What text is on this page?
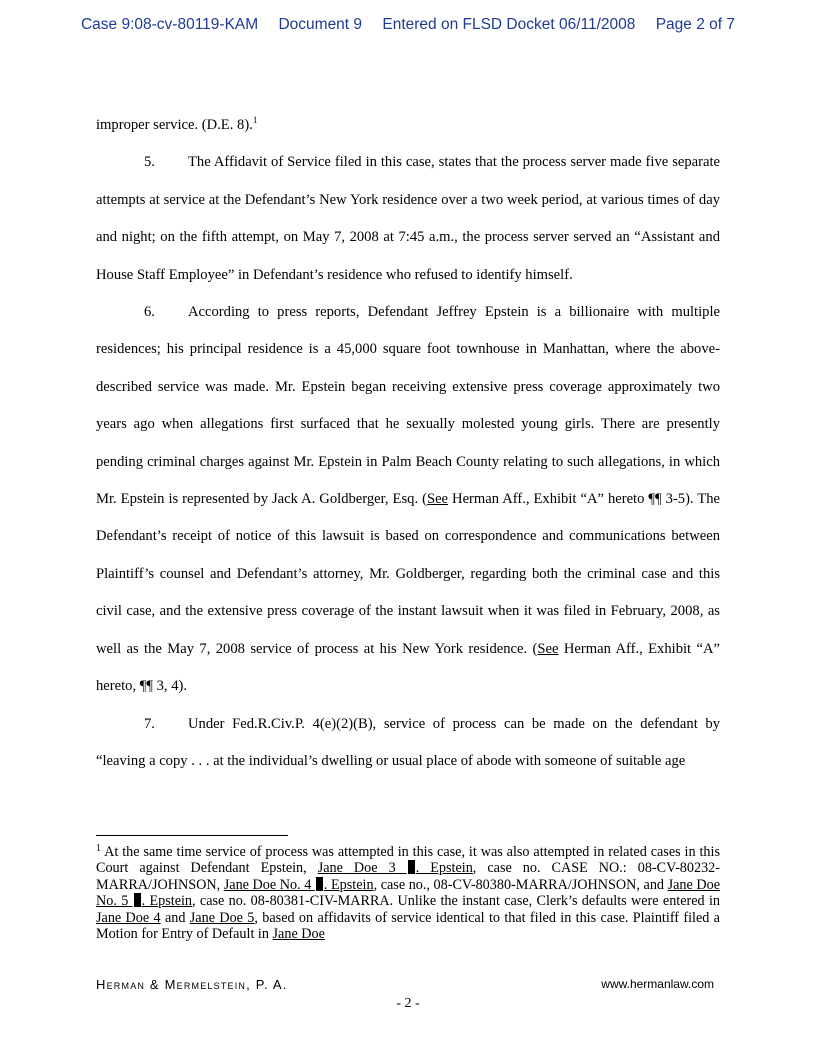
Case 9:08-cv-80119-KAM Document 9 Entered on FLSD Docket 06/11/2008 Page 2 of 7

improper service. (D.E. 8).$^1$

5. The Affidavit of Service filed in this case, states that the process server made five separate attempts at service at the Defendant’s New York residence over a two week period, at various times of day and night; on the fifth attempt, on May 7, 2008 at 7:45 a.m., the process server served an “Assistant and House Staff Employee” in Defendant’s residence who refused to identify himself.

6. According to press reports, Defendant Jeffrey Epstein is a billionaire with multiple residences; his principal residence is a 45,000 square foot townhouse in Manhattan, where the above-described service was made. Mr. Epstein began receiving extensive press coverage approximately two years ago when allegations first surfaced that he sexually molested young girls. There are presently pending criminal charges against Mr. Epstein in Palm Beach County relating to such allegations, in which Mr. Epstein is represented by Jack A. Goldberger, Esq. (See Herman Aff., Exhibit “A” hereto ¶¶ 3-5). The Defendant’s receipt of notice of this lawsuit is based on correspondence and communications between Plaintiff’s counsel and Defendant’s attorney, Mr. Goldberger, regarding both the criminal case and this civil case, and the extensive press coverage of the instant lawsuit when it was filed in February, 2008, as well as the May 7, 2008 service of process at his New York residence. (See Herman Aff., Exhibit “A” hereto, ¶¶ 3, 4).

7. Under Fed.R.Civ.P. 4(e)(2)(B), service of process can be made on the defendant by “leaving a copy . . . at the individual’s dwelling or usual place of abode with someone of suitable age

$^1$ At the same time service of process was attempted in this case, it was also attempted in related cases in this Court against Defendant Epstein, Jane Doe 3 . Epstein, case no. CASE NO.: 08-CV-80232-MARRA/JOHNSON, Jane Doe No. 4 . Epstein, case no., 08-CV-80380-MARRA/JOHNSON, and Jane Doe No. 5 . Epstein, case no. 08-80381-CIV-MARRA. Unlike the instant case, Clerk’s defaults were entered in Jane Doe 4 and Jane Doe 5, based on affidavits of service identical to that filed in this case. Plaintiff filed a Motion for Entry of Default in Jane Doe
Herman & Mermelstein, P. A.	www.hermanlaw.com
- 2 -
